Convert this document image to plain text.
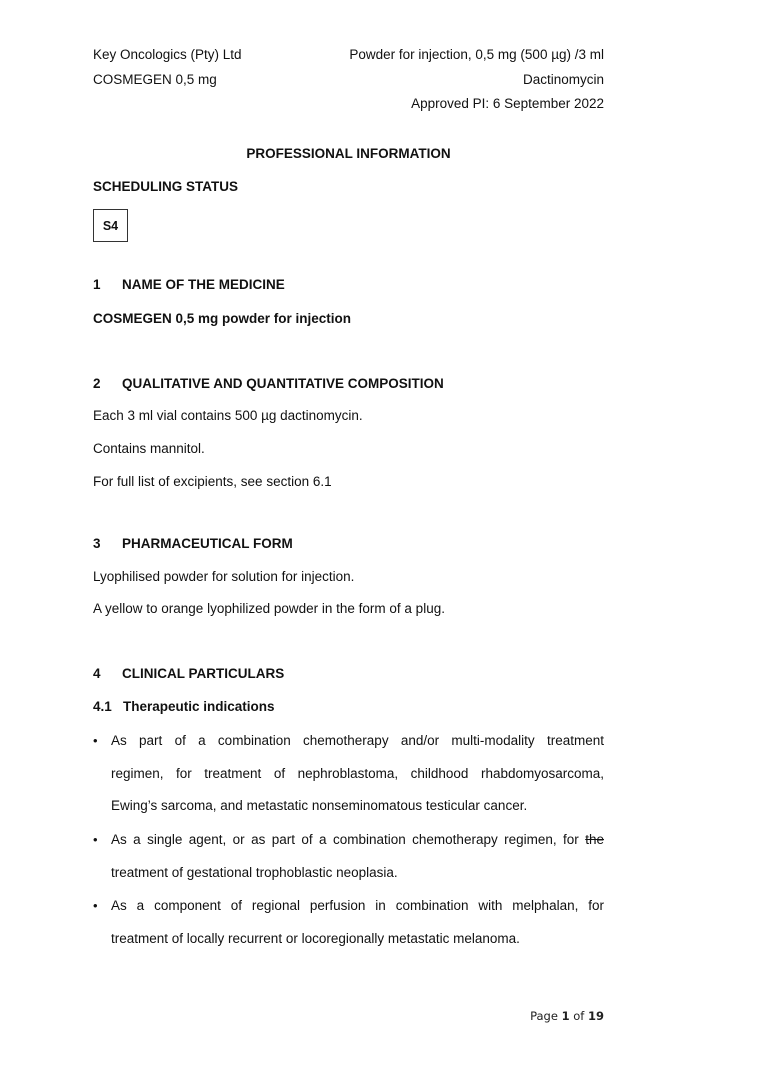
Key Oncologics (Pty) Ltd
COSMEGEN 0,5 mg
Powder for injection, 0,5 mg (500 µg) /3 ml
Dactinomycin
Approved PI: 6 September 2022
PROFESSIONAL INFORMATION
SCHEDULING STATUS
S4
1 NAME OF THE MEDICINE
COSMEGEN 0,5 mg powder for injection
2 QUALITATIVE AND QUANTITATIVE COMPOSITION
Each 3 ml vial contains 500 µg dactinomycin.
Contains mannitol.
For full list of excipients, see section 6.1
3 PHARMACEUTICAL FORM
Lyophilised powder for solution for injection.
A yellow to orange lyophilized powder in the form of a plug.
4 CLINICAL PARTICULARS
4.1 Therapeutic indications
• As part of a combination chemotherapy and/or multi-modality treatment
regimen, for treatment of nephroblastoma, childhood rhabdomyosarcoma,
Ewing’s sarcoma, and metastatic nonseminomatous testicular cancer.
• As a single agent, or as part of a combination chemotherapy regimen, for the
treatment of gestational trophoblastic neoplasia.
• As a component of regional perfusion in combination with melphalan, for
treatment of locally recurrent or locoregionally metastatic melanoma.
Page 1 of 19
